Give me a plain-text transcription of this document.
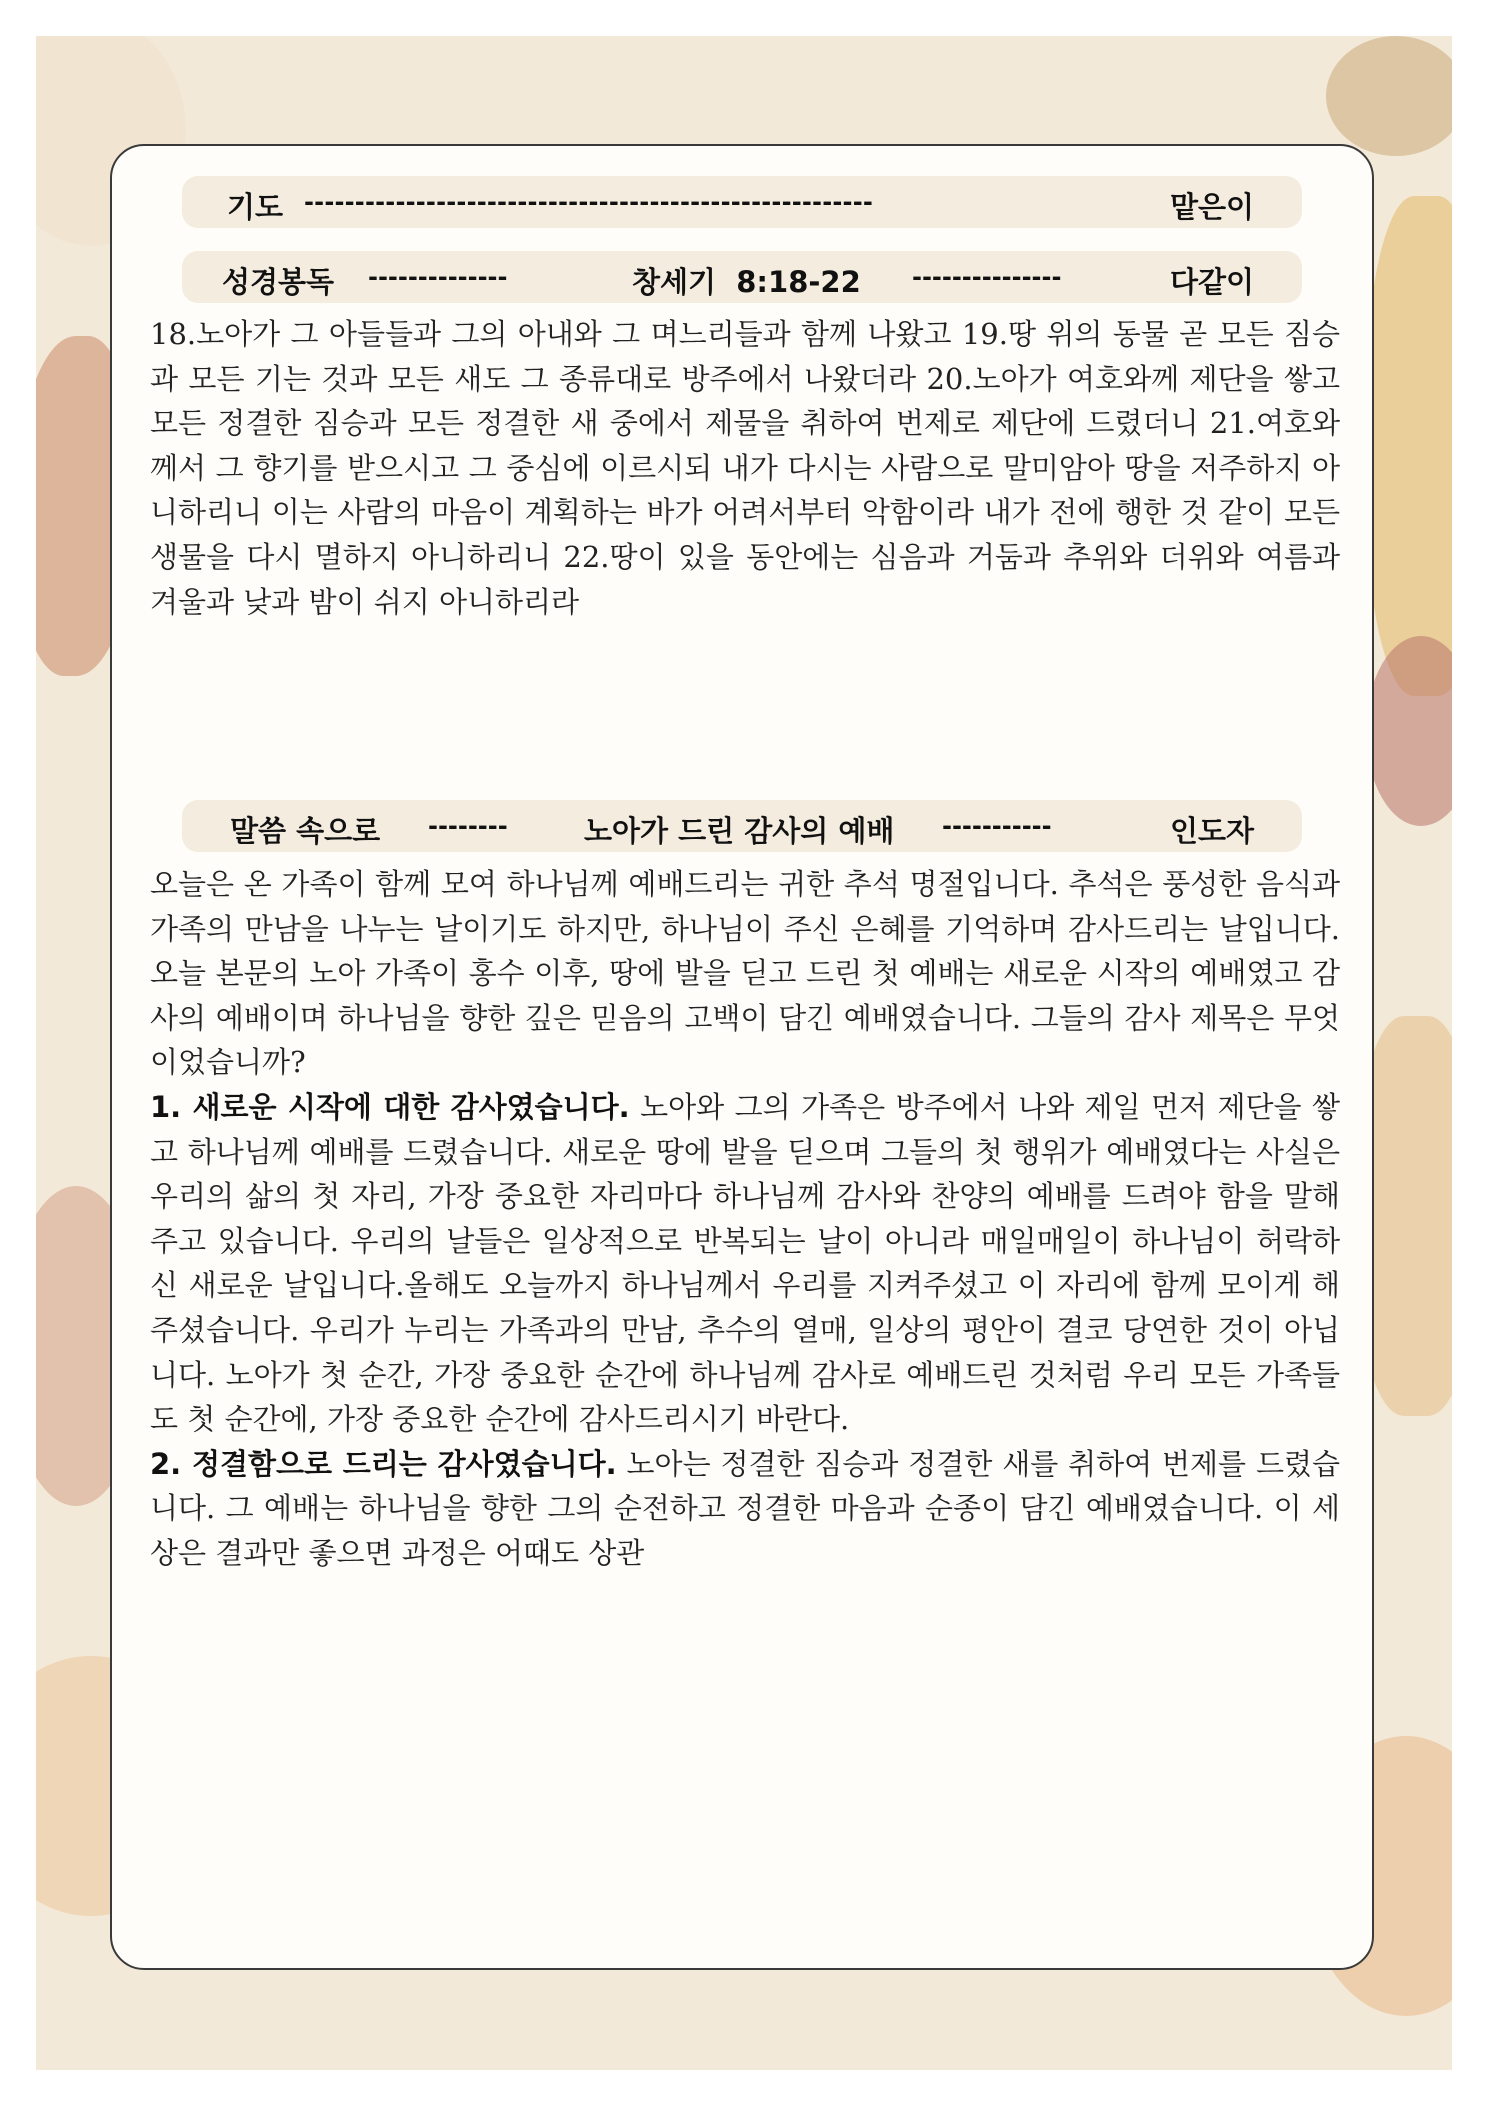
기도 --------------------------------------------------------	맡은이
성경봉독 --------------	창세기  8:18-22 ---------------	다같이

18.노아가 그 아들들과 그의 아내와 그 며느리들과 함께 나왔고 19.땅 위의 동물 곧 모든 짐승과 모든 기는 것과 모든 새도 그 종류대로 방주에서 나왔더라 20.노아가 여호와께 제단을 쌓고 모든 정결한 짐승과 모든 정결한 새 중에서 제물을 취하여 번제로 제단에 드렸더니 21.여호와께서 그 향기를 받으시고 그 중심에 이르시되 내가 다시는 사람으로 말미암아 땅을 저주하지 아니하리니 이는 사람의 마음이 계획하는 바가 어려서부터 악함이라 내가 전에 행한 것 같이 모든 생물을 다시 멸하지 아니하리니 22.땅이 있을 동안에는 심음과 거둠과 추위와 더위와 여름과 겨울과 낮과 밤이 쉬지 아니하리라

말씀 속으로 --------	노아가 드린 감사의 예배 -----------	인도자

오늘은 온 가족이 함께 모여 하나님께 예배드리는 귀한 추석 명절입니다. 추석은 풍성한 음식과 가족의 만남을 나누는 날이기도 하지만, 하나님이 주신 은혜를 기억하며 감사드리는 날입니다. 오늘 본문의 노아 가족이 홍수 이후, 땅에 발을 딛고 드린 첫 예배는 새로운 시작의 예배였고 감사의 예배이며 하나님을 향한 깊은 믿음의 고백이 담긴 예배였습니다. 그들의 감사 제목은 무엇이었습니까?

1. 새로운 시작에 대한 감사였습니다. 노아와 그의 가족은 방주에서 나와 제일 먼저 제단을 쌓고 하나님께 예배를 드렸습니다. 새로운 땅에 발을 딛으며 그들의 첫 행위가 예배였다는 사실은 우리의 삶의 첫 자리, 가장 중요한 자리마다 하나님께 감사와 찬양의 예배를 드려야 함을 말해주고 있습니다. 우리의 날들은 일상적으로 반복되는 날이 아니라 매일매일이 하나님이 허락하신 새로운 날입니다.올해도 오늘까지 하나님께서 우리를 지켜주셨고 이 자리에 함께 모이게 해 주셨습니다. 우리가 누리는 가족과의 만남, 추수의 열매, 일상의 평안이 결코 당연한 것이 아닙니다. 노아가 첫 순간, 가장 중요한 순간에 하나님께 감사로 예배드린 것처럼 우리 모든 가족들도 첫 순간에, 가장 중요한 순간에 감사드리시기 바란다.

2. 정결함으로 드리는 감사였습니다. 노아는 정결한 짐승과 정결한 새를 취하여 번제를 드렸습니다. 그 예배는 하나님을 향한 그의 순전하고 정결한 마음과 순종이 담긴 예배였습니다. 이 세상은 결과만 좋으면 과정은 어때도 상관
